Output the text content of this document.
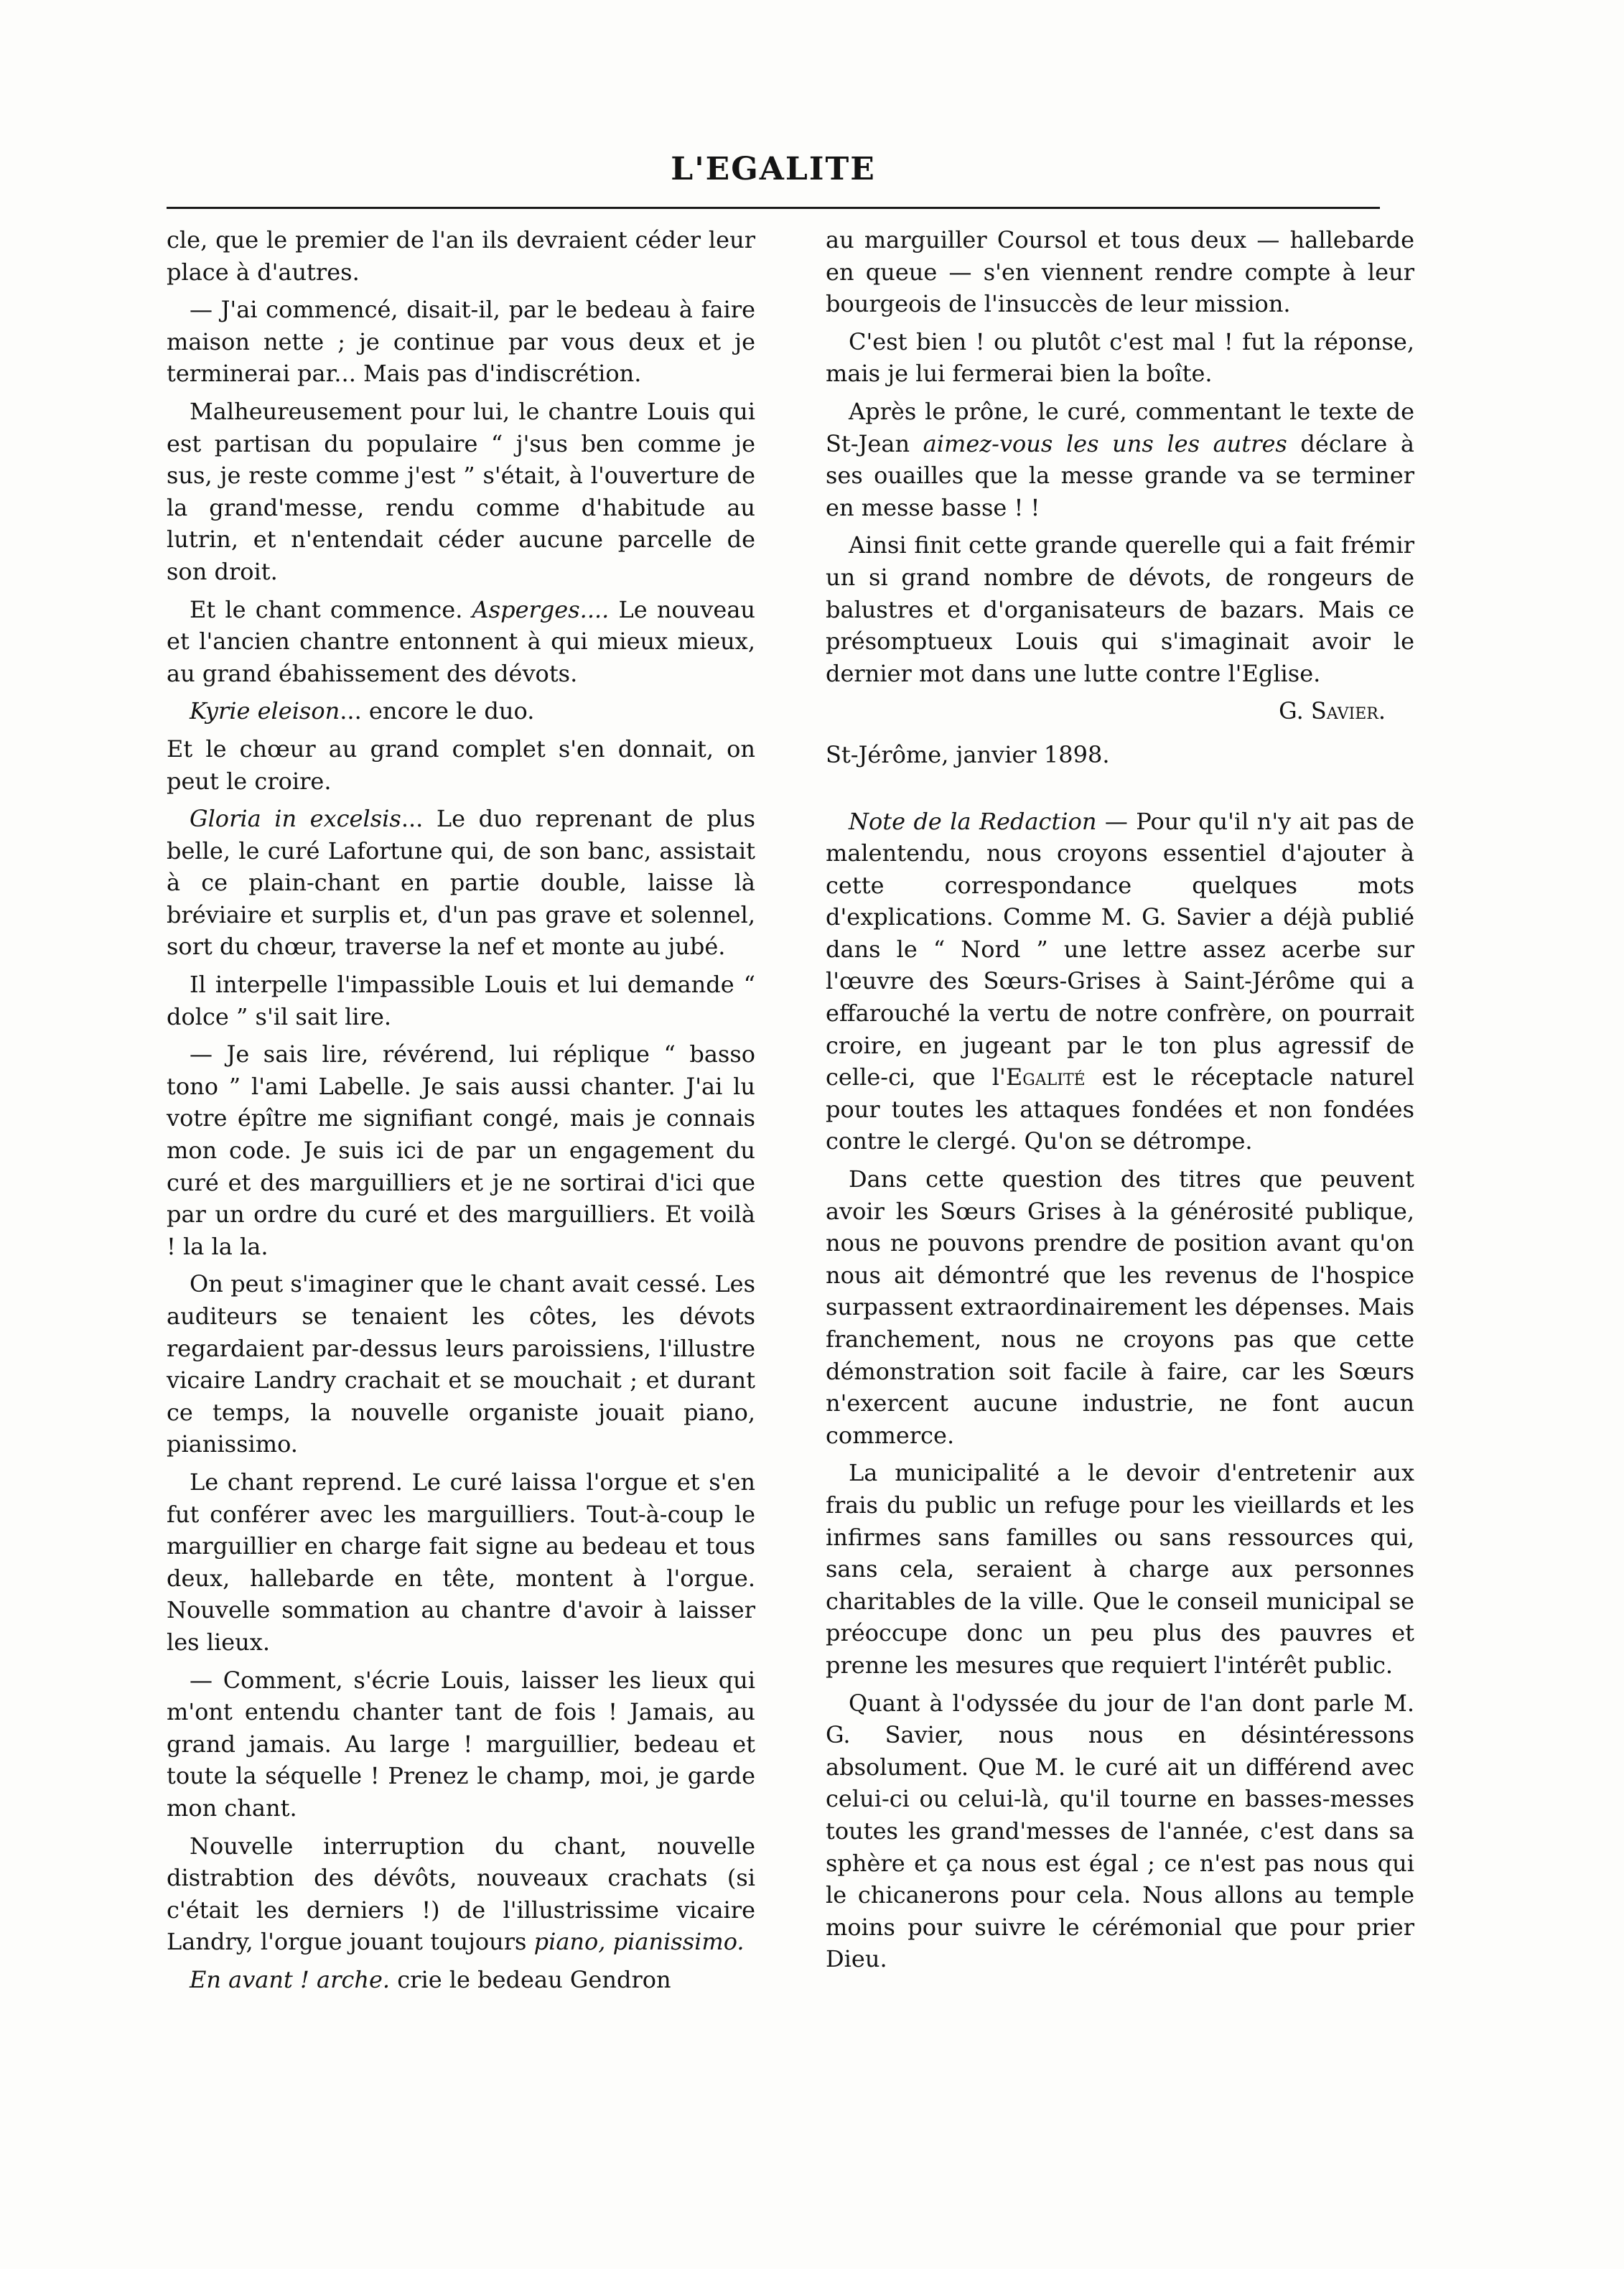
L'EGALITE

cle, que le premier de l'an ils devraient céder leur place à d'autres.

— J'ai commencé, disait-il, par le bedeau à faire maison nette ; je continue par vous deux et je terminerai par... Mais pas d'indiscrétion.

Malheureusement pour lui, le chantre Louis qui est partisan du populaire “ j'sus ben comme je sus, je reste comme j'est ” s'était, à l'ouverture de la grand'messe, rendu comme d'habitude au lutrin, et n'entendait céder aucune parcelle de son droit.

Et le chant commence. Asperges.... Le nouveau et l'ancien chantre entonnent à qui mieux mieux, au grand ébahissement des dévots.

Kyrie eleison... encore le duo.

Et le chœur au grand complet s'en donnait, on peut le croire.

Gloria in excelsis... Le duo reprenant de plus belle, le curé Lafortune qui, de son banc, assistait à ce plain-chant en partie double, laisse là bréviaire et surplis et, d'un pas grave et solennel, sort du chœur, traverse la nef et monte au jubé.

Il interpelle l'impassible Louis et lui demande “ dolce ” s'il sait lire.

— Je sais lire, révérend, lui réplique “ basso tono ” l'ami Labelle. Je sais aussi chanter. J'ai lu votre épître me signifiant congé, mais je connais mon code. Je suis ici de par un engagement du curé et des marguilliers et je ne sortirai d'ici que par un ordre du curé et des marguilliers. Et voilà ! la la la.

On peut s'imaginer que le chant avait cessé. Les auditeurs se tenaient les côtes, les dévots regardaient par-dessus leurs paroissiens, l'illustre vicaire Landry crachait et se mouchait ; et durant ce temps, la nouvelle organiste jouait piano, pianissimo.

Le chant reprend. Le curé laissa l'orgue et s'en fut conférer avec les marguilliers. Tout-à-coup le marguillier en charge fait signe au bedeau et tous deux, hallebarde en tête, montent à l'orgue. Nouvelle sommation au chantre d'avoir à laisser les lieux.

— Comment, s'écrie Louis, laisser les lieux qui m'ont entendu chanter tant de fois ! Jamais, au grand jamais. Au large ! marguillier, bedeau et toute la séquelle ! Prenez le champ, moi, je garde mon chant.

Nouvelle interruption du chant, nouvelle distrabtion des dévôts, nouveaux crachats (si c'était les derniers !) de l'illustrissime vicaire Landry, l'orgue jouant toujours piano, pianissimo.

En avant ! arche. crie le bedeau Gendron

au marguiller Coursol et tous deux — hallebarde en queue — s'en viennent rendre compte à leur bourgeois de l'insuccès de leur mission.

C'est bien ! ou plutôt c'est mal ! fut la réponse, mais je lui fermerai bien la boîte.

Après le prône, le curé, commentant le texte de St-Jean aimez-vous les uns les autres déclare à ses ouailles que la messe grande va se terminer en messe basse ! !

Ainsi finit cette grande querelle qui a fait frémir un si grand nombre de dévots, de rongeurs de balustres et d'organisateurs de bazars. Mais ce présomptueux Louis qui s'imaginait avoir le dernier mot dans une lutte contre l'Eglise.

G. Savier.

St-Jérôme, janvier 1898.

Note de la Redaction — Pour qu'il n'y ait pas de malentendu, nous croyons essentiel d'ajouter à cette correspondance quelques mots d'explications. Comme M. G. Savier a déjà publié dans le “ Nord ” une lettre assez acerbe sur l'œuvre des Sœurs-Grises à Saint-Jérôme qui a effarouché la vertu de notre confrère, on pourrait croire, en jugeant par le ton plus agressif de celle-ci, que l'Egalité est le réceptacle naturel pour toutes les attaques fondées et non fondées contre le clergé. Qu'on se détrompe.

Dans cette question des titres que peuvent avoir les Sœurs Grises à la générosité publique, nous ne pouvons prendre de position avant qu'on nous ait démontré que les revenus de l'hospice surpassent extraordinairement les dépenses. Mais franchement, nous ne croyons pas que cette démonstration soit facile à faire, car les Sœurs n'exercent aucune industrie, ne font aucun commerce.

La municipalité a le devoir d'entretenir aux frais du public un refuge pour les vieillards et les infirmes sans familles ou sans ressources qui, sans cela, seraient à charge aux personnes charitables de la ville. Que le conseil municipal se préoccupe donc un peu plus des pauvres et prenne les mesures que requiert l'intérêt public.

Quant à l'odyssée du jour de l'an dont parle M. G. Savier, nous nous en désintéressons absolument. Que M. le curé ait un différend avec celui-ci ou celui-là, qu'il tourne en basses-messes toutes les grand'messes de l'année, c'est dans sa sphère et ça nous est égal ; ce n'est pas nous qui le chicanerons pour cela. Nous allons au temple moins pour suivre le cérémonial que pour prier Dieu.
